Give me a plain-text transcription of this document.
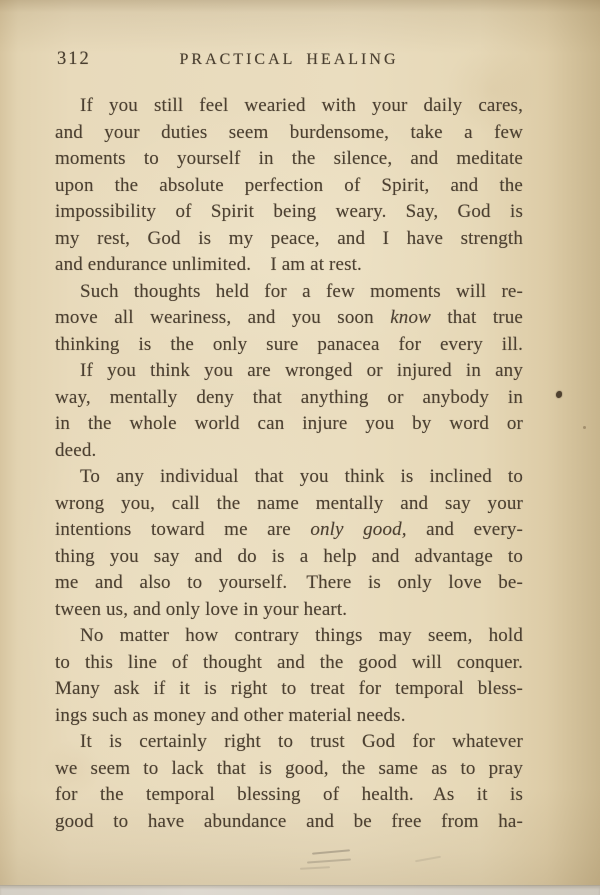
312	PRACTICAL HEALING
If you still feel wearied with your daily cares,
and your duties seem burdensome, take a few
moments to yourself in the silence, and meditate
upon the absolute perfection of Spirit, and the
impossibility of Spirit being weary. Say, God is
my rest, God is my peace, and I have strength
and endurance unlimited. I am at rest.
Such thoughts held for a few moments will re-
move all weariness, and you soon know that true
thinking is the only sure panacea for every ill.
If you think you are wronged or injured in any
way, mentally deny that anything or anybody in
in the whole world can injure you by word or
deed.
To any individual that you think is inclined to
wrong you, call the name mentally and say your
intentions toward me are only good, and every-
thing you say and do is a help and advantage to
me and also to yourself. There is only love be-
tween us, and only love in your heart.
No matter how contrary things may seem, hold
to this line of thought and the good will conquer.
Many ask if it is right to treat for temporal bless-
ings such as money and other material needs.
It is certainly right to trust God for whatever
we seem to lack that is good, the same as to pray
for the temporal blessing of health. As it is
good to have abundance and be free from ha-
